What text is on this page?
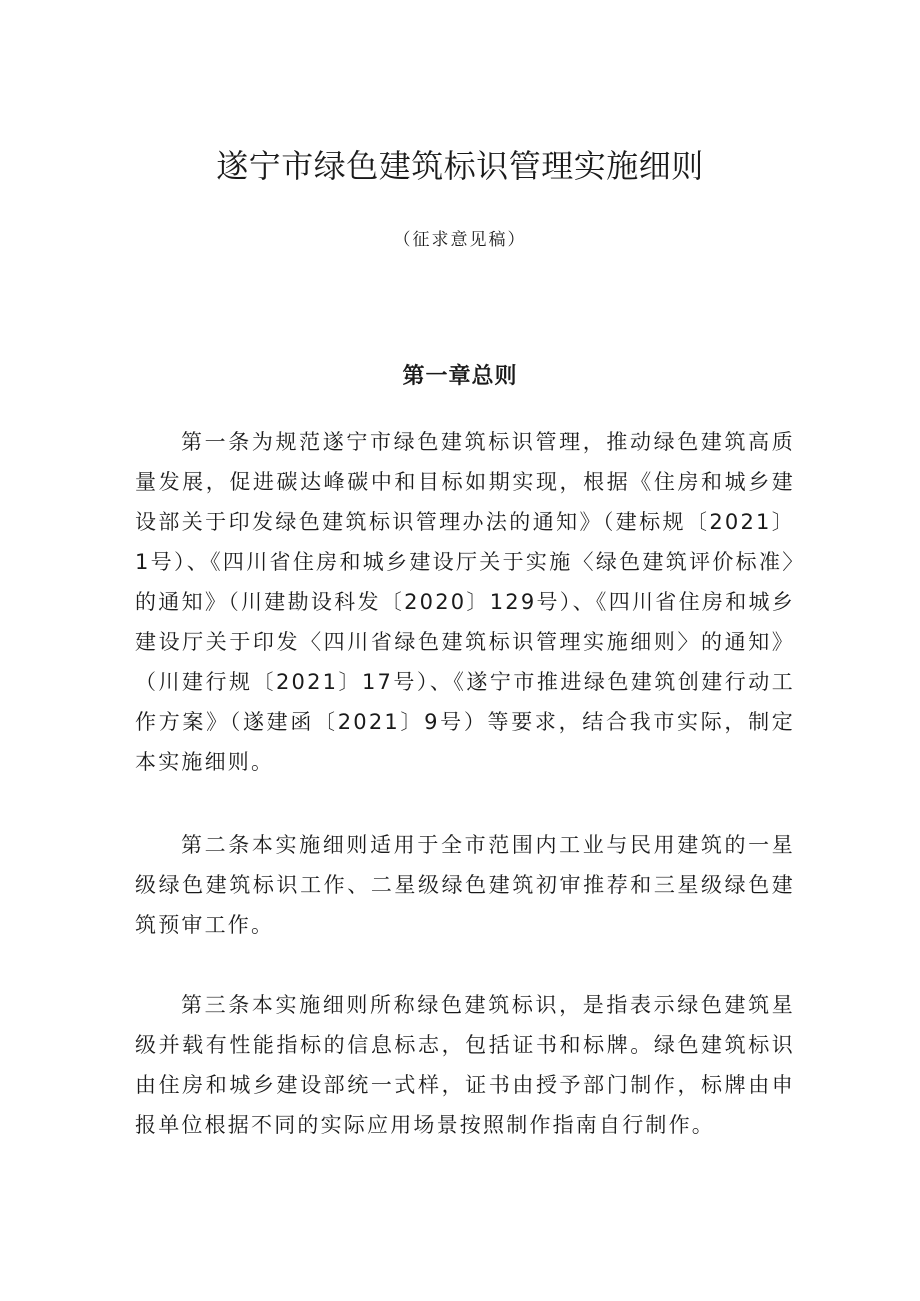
遂宁市绿色建筑标识管理实施细则

（征求意见稿）

第一章总则

第一条为规范遂宁市绿色建筑标识管理，推动绿色建筑高质量发展，促进碳达峰碳中和目标如期实现，根据《住房和城乡建设部关于印发绿色建筑标识管理办法的通知》（建标规〔2021〕1号）、《四川省住房和城乡建设厅关于实施〈绿色建筑评价标准〉的通知》（川建勘设科发〔2020〕129号）、《四川省住房和城乡建设厅关于印发〈四川省绿色建筑标识管理实施细则〉的通知》（川建行规〔2021〕17号）、《遂宁市推进绿色建筑创建行动工作方案》（遂建函〔2021〕9号）等要求，结合我市实际，制定本实施细则。

第二条本实施细则适用于全市范围内工业与民用建筑的一星级绿色建筑标识工作、二星级绿色建筑初审推荐和三星级绿色建筑预审工作。

第三条本实施细则所称绿色建筑标识，是指表示绿色建筑星级并载有性能指标的信息标志，包括证书和标牌。绿色建筑标识由住房和城乡建设部统一式样，证书由授予部门制作，标牌由申报单位根据不同的实际应用场景按照制作指南自行制作。
